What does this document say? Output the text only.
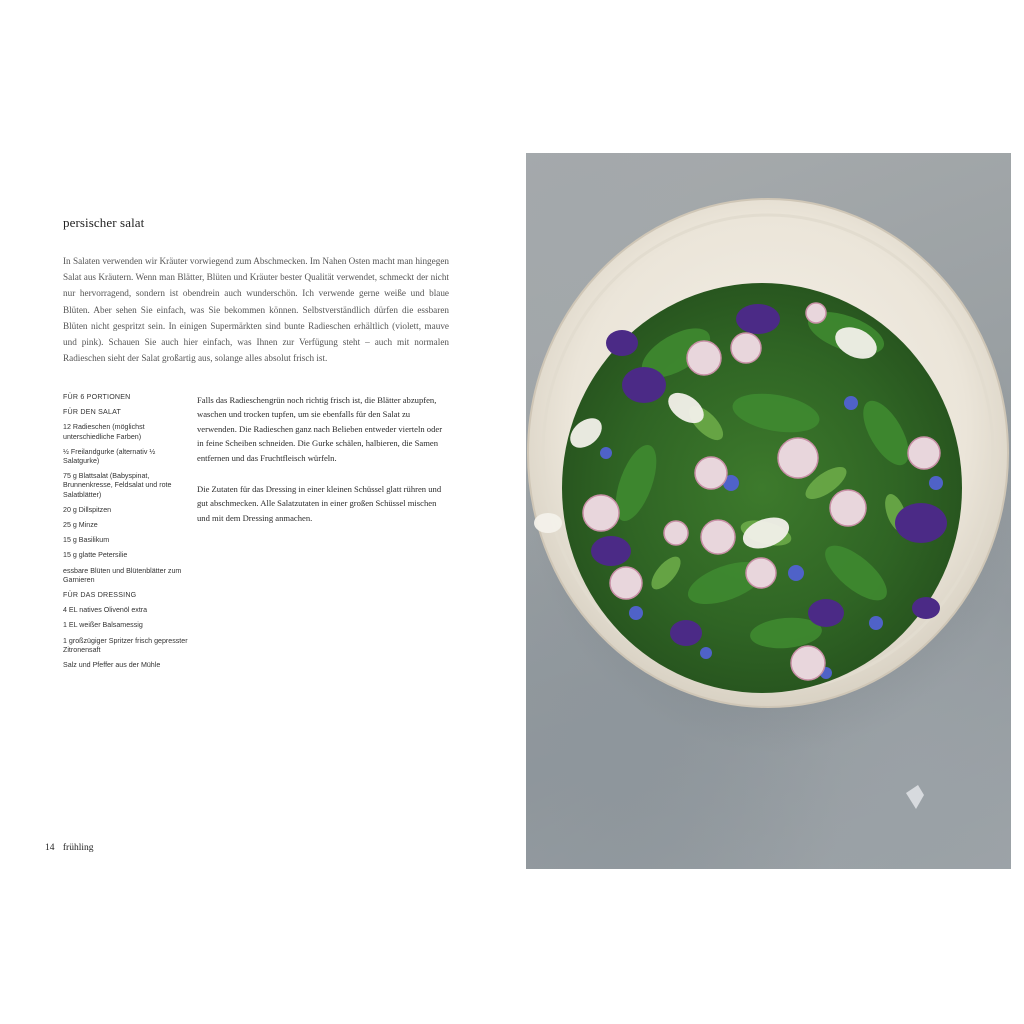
persischer salat
In Salaten verwenden wir Kräuter vorwiegend zum Abschmecken. Im Nahen Osten macht man hingegen Salat aus Kräutern. Wenn man Blätter, Blüten und Kräuter bester Qualität verwendet, schmeckt der nicht nur hervorragend, sondern ist obendrein auch wunderschön. Ich verwende gerne weiße und blaue Blüten. Aber sehen Sie einfach, was Sie bekommen können. Selbstverständlich dürfen die essbaren Blüten nicht gespritzt sein. In einigen Supermärkten sind bunte Radieschen erhältlich (violett, mauve und pink). Schauen Sie auch hier einfach, was Ihnen zur Verfügung steht – auch mit normalen Radieschen sieht der Salat großartig aus, solange alles absolut frisch ist.
FÜR 6 PORTIONEN
FÜR DEN SALAT
12 Radieschen (möglichst unterschiedliche Farben)
½ Freilandgurke (alternativ ½ Salatgurke)
75 g Blattsalat (Babyspinat, Brunnenkresse, Feldsalat und rote Salatblätter)
20 g Dillspitzen
25 g Minze
15 g Basilikum
15 g glatte Petersilie
essbare Blüten und Blütenblätter zum Garnieren
FÜR DAS DRESSING
4 EL natives Olivenöl extra
1 EL weißer Balsamessig
1 großzügiger Spritzer frisch gepresster Zitronensaft
Salz und Pfeffer aus der Mühle

Falls das Radieschengrün noch richtig frisch ist, die Blätter abzupfen, waschen und trocken tupfen, um sie ebenfalls für den Salat zu verwenden. Die Radieschen ganz nach Belieben entweder vierteln oder in feine Scheiben schneiden. Die Gurke schälen, halbieren, die Samen entfernen und das Fruchtfleisch würfeln.

Die Zutaten für das Dressing in einer kleinen Schüssel glatt rühren und gut abschmecken. Alle Salatzutaten in einer großen Schüssel mischen und mit dem Dressing anmachen.

14 frühling
